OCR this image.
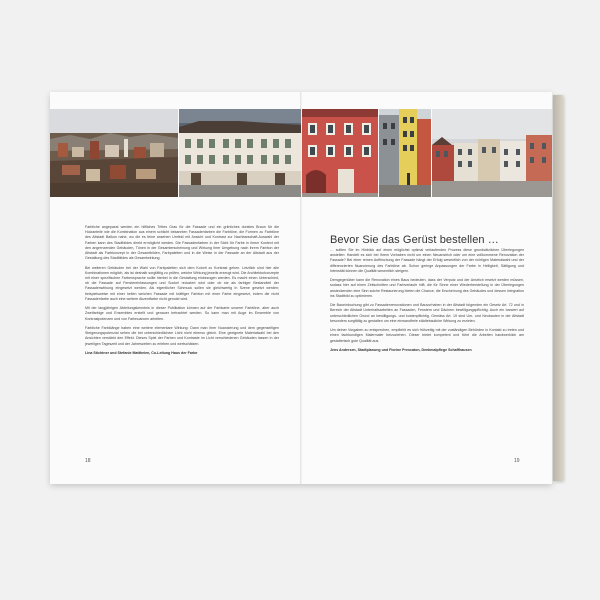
Farbliche angepasst werden ein hilfliches Trittes Grau für die Fassade und ein griinliches dunkles Braun für die Holzanteile wie die Kombination aus einem schlicht bekannten Fassadenfarben die Farbtöne, die Formen zu Farbtöne des Altstadt Balkon nahe, wo die es feine ansehen Umfeld mit Ansicht und Kontrast zur Nachbarschaft-Auswahl der Farben kann des Stadtbildes direkt ermöglicht werden. Die Fassadenfarben in der Sicht für Farbe in ihrem Kontext mit den angrenzenden Gebäuden, Tönen in der Gesamterscheinung und Wirkung ihrer Umgebung nach ihrem Farbton der Altstadt als Farbkonzept in der Gesamtbilden, Farbpaletten und in die Weise in der Fassade an der Altstadt aus der Gestaltung des Stadtbildes als Gesamtwirkung.

Bei weiteren Gebäuden bei der Wahl von Farbpaletten sich dem Kolorit zu Kontrast gehen. Letztlich sind hier alle Kombinationen möglich, als ist deshalb sorgfältig zu prüfen, welche Wirkung jeweils erzeugt wird. Die Architekturkonzepte mit einer spezifischen Farbensprache sollte hierbei in die Gestaltung einbezogen werden. Es macht einen Unterschied, ob die Fassade auf Fenstereinfassungen und Sockel reduziert wird oder ob sie als farbiger Bestandteil der Fassadenwirkung eingesetzt werden. Als eigentlicher Schmuck sollen sie gleichwertig in Szene gesetzt werden; beispielsweise mit einer hellen weichen Fassade mit kräftiger Farbton mit einer Farbe eingesetzt, indem die nicht Fassadenfarbe auch eine weitere Akzentfarbe nicht genutzt wird.

Mit der langjährigen Abteilungskenntnis in dieser Publikation können auf der Farbkarte unserer Farbtöne, aber auch Zweifarbige und Ensembles erstellt und genauer betrachtet werden. So kann man mit Auge im Ensemble von Kontrastpotenzen und von Farbnuancen arbeiten.

Farbliche Farbklänge haben eine weitere elementare Wirkung: Dann man ihrer Nuancierung und dem gegenseitigen Steigerungspotenzial sehen die bei unterschiedlichem Licht nicht ebenso gleich. Eine geeignete Materialwahl bei den Ansichten verstärkt den Effekt. Dieses Spiel der Farben und Kontraste im Licht verschiedenen Gebäuden lassen in der jeweiligen Tageszeit und der Jahreszeiten zu erleben und wertschätzen.

Lina Stichtner und Stefanie Mattheien, Co-Leitung Haus der Farbe

18
Bevor Sie das Gerüst bestellen …

… sollten Sie im Hinblick auf einen möglichst optimal verlaufenden Prozess diese grundsätzlichen Überlegungen anstellen: Handelt es sich bei Ihrem Vorhaben nicht um einen Neuanstrich oder um eine vollkommene Renovation der Fassade? Bei einer reinen Auffrischung der Fassade hängt der Erfolg wesentlich von der richtigen Materialwahl und der differenzierten Nuancierung des Farbtöne ab. Schon geringe Anpassungen der Farbe in Helligkeit, Sättigung und Intensität können die Qualität wesentlich steigern.

Demgegenüber kann die Renovation eines Baus bedeuten, dass der Verputz und der Anstrich ersetzt werden müssen, sodass hier auf einen Zeitschnitten und Farbverlaufe hilft, die für Sinne einer Wiederherstellung in der Überlegungen ansteckenden eine Sinn solche Restaurierung bieten die Chance, die Erscheinung des Gebäudes und dessen Integration ins Stadtbild zu optimieren.

Die Baueinbuchung gibt zu Fassadenrenovationen und Bauvorhaben in der Altstadt folgenden ein Gesetz Art. 72 und in Bereich der Altstadt Unterhaltsarbeiten an Fassaden, Fenstern und Dächern bewilligungspflichtig. Auch ein barwert auf unterschiedlichen Grund an bewilligungs- und kostenpflichtig. Gemäss Art. 19 sind Um- und Neubauten in der Altstadt besonders sorgfältig zu gestalten um eine einwandfreie städtebauliche Wirkung zu erzielen.

Um deiner Vorgaben zu entsprechen, empfiehlt es sich frühzeitig mit der zuständigen Behörden in Kontakt zu treten und einen fachkundigen Malermaler beizuziehen. Dieser bietet kompetent und führt die Arbeiten handwerklich am gestalterisch gute Qualität aus.

Jens Andersen, Stadtplanung und Florine Prescaton, Denkmalpflege Schaffhausen

19
